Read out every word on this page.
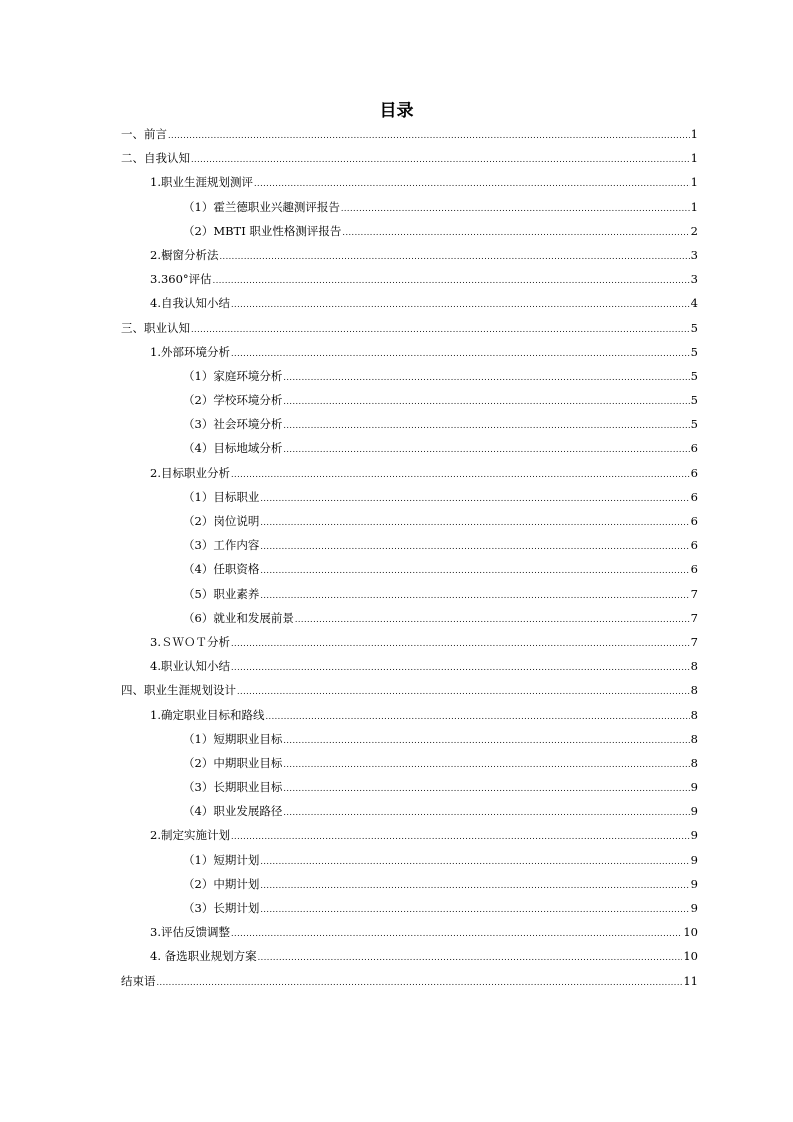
目录
一、前言 .....	1
二、自我认知 .....	1
1.职业生涯规划测评 .....	1
（1）霍兰德职业兴趣测评报告 .....	1
（2）MBTI 职业性格测评报告 .....	2
2.橱窗分析法 .....	3
3.360°评估 .....	3
4.自我认知小结 .....	4
三、职业认知 .....	5
1.外部环境分析 .....	5
（1）家庭环境分析 .....	5
（2）学校环境分析 .....	5
（3）社会环境分析 .....	5
（4）目标地域分析 .....	6
2.目标职业分析 .....	6
（1）目标职业 .....	6
（2）岗位说明 .....	6
（3）工作内容 .....	6
（4）任职资格 .....	6
（5）职业素养 .....	7
（6）就业和发展前景 .....	7
3.ＳＷＯＴ分析 .....	7
4.职业认知小结 .....	8
四、职业生涯规划设计 .....	8
1.确定职业目标和路线 .....	8
（1）短期职业目标 .....	8
（2）中期职业目标 .....	8
（3）长期职业目标 .....	9
（4）职业发展路径 .....	9
2.制定实施计划 .....	9
（1）短期计划 .....	9
（2）中期计划 .....	9
（3）长期计划 .....	9
3.评估反馈调整 .....	10
4. 备选职业规划方案 .....	10
结束语 .....	11
